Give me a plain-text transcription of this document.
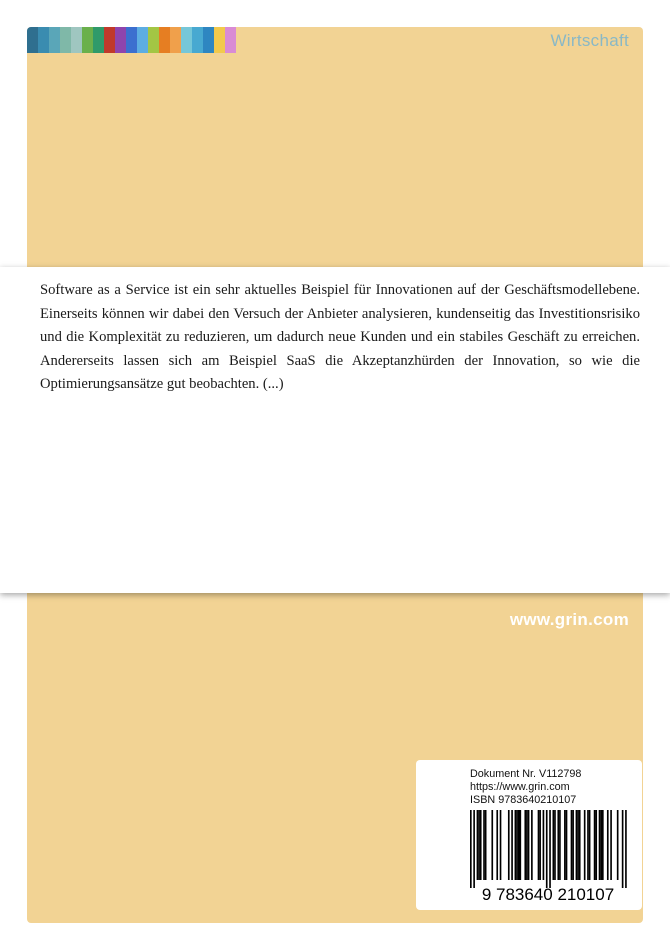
Wirtschaft
www.grin.com
Dokument Nr. V112798
https://www.grin.com
ISBN 9783640210107
9 783640 210107

Software as a Service ist ein sehr aktuelles Beispiel für Innovationen auf der Geschäftsmodellebene. Einerseits können wir dabei den Versuch der Anbieter analysieren, kundenseitig das Investitionsrisiko und die Komplexität zu reduzieren, um dadurch neue Kunden und ein stabiles Geschäft zu erreichen. Andererseits lassen sich am Beispiel SaaS die Akzeptanzhürden der Innovation, so wie die Optimierungsansätze gut beobachten. (...)
